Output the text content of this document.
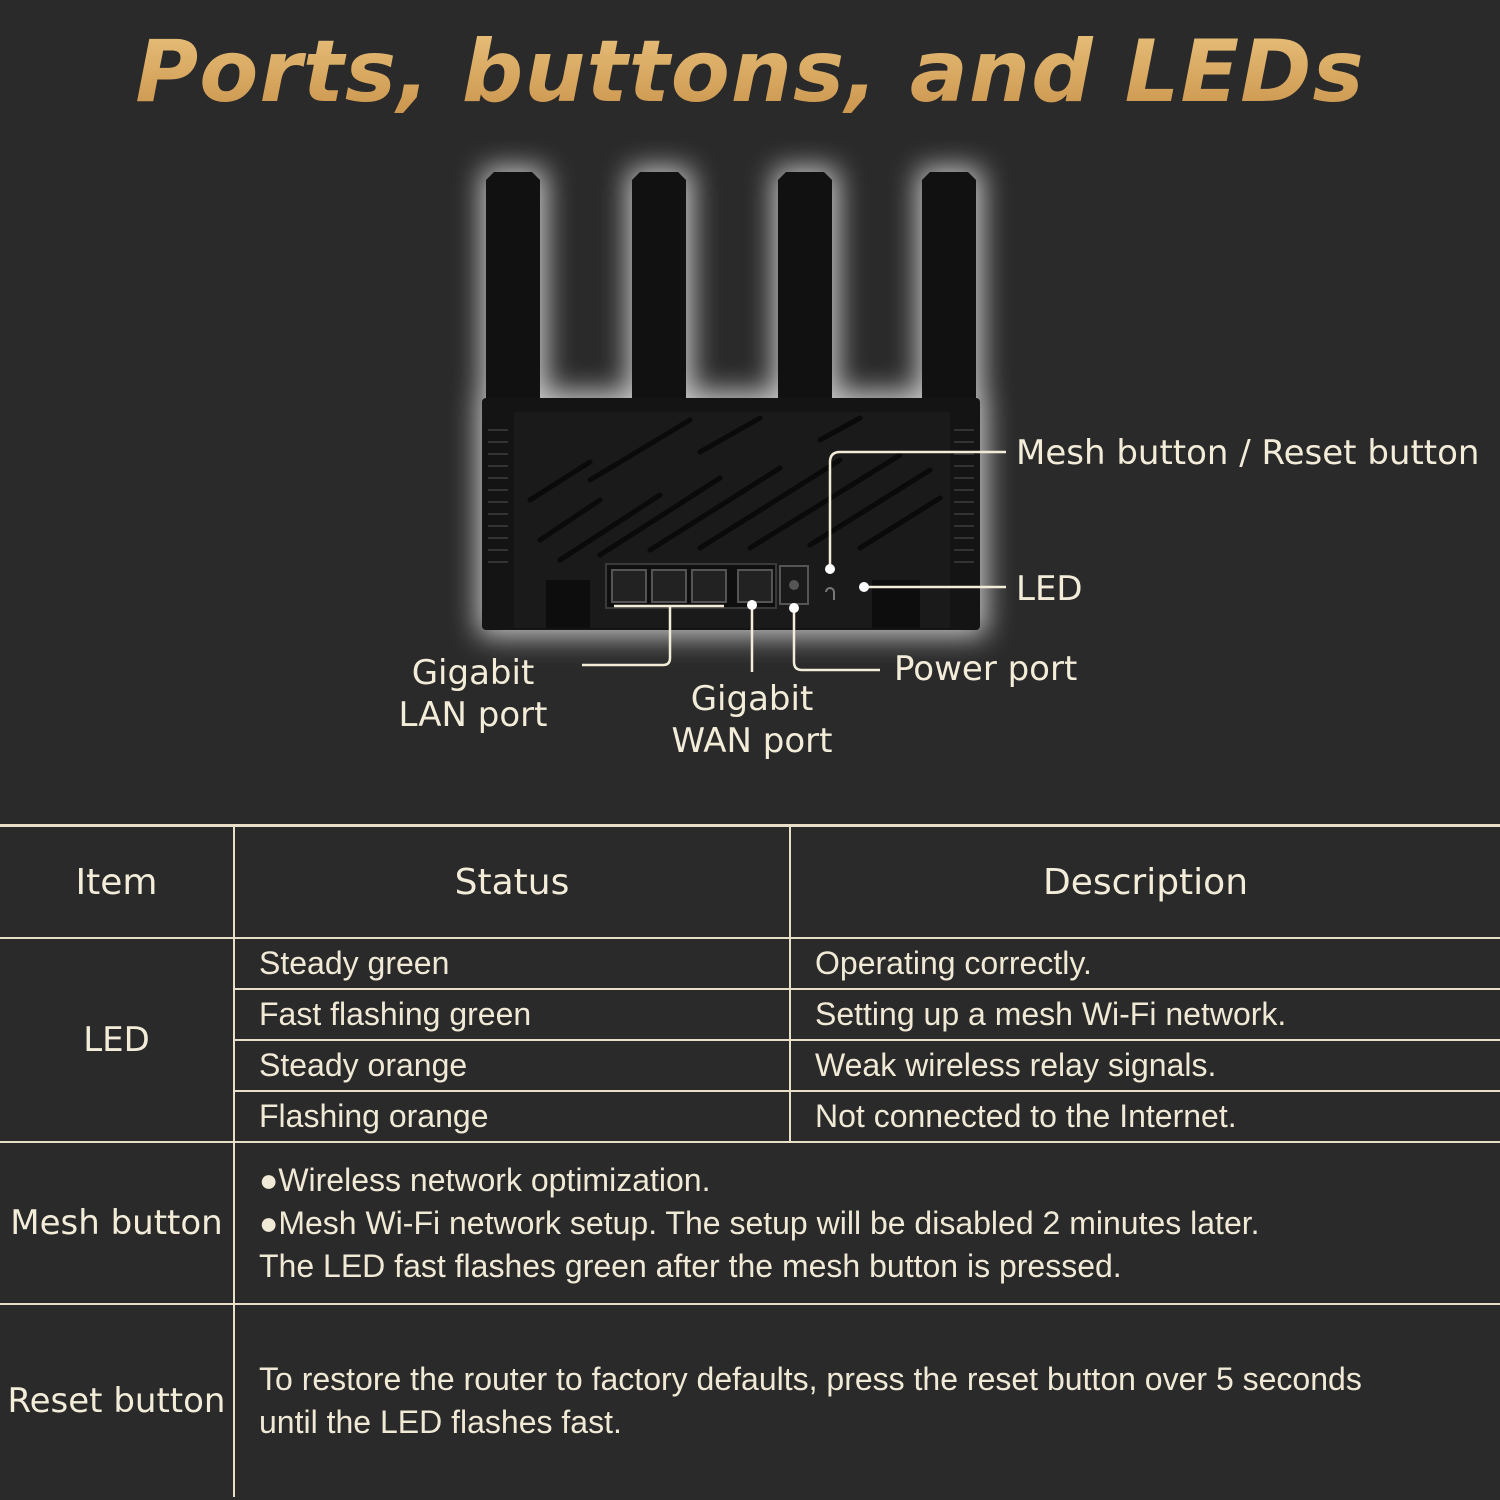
Ports, buttons, and LEDs
Mesh button / Reset button
LED
Power port
Gigabit
LAN port	Gigabit
WAN port
Item	Status	Description
LED	Steady green	Operating correctly.
	Fast flashing green	Setting up a mesh Wi-Fi network.
	Steady orange	Weak wireless relay signals.
	Flashing orange	Not connected to the Internet.
Mesh button	●Wireless network optimization.
●Mesh Wi-Fi network setup. The setup will be disabled 2 minutes later.
The LED fast flashes green after the mesh button is pressed.	

Reset button	To restore the router to factory defaults, press the reset button over 5 seconds
until the LED flashes fast.	
